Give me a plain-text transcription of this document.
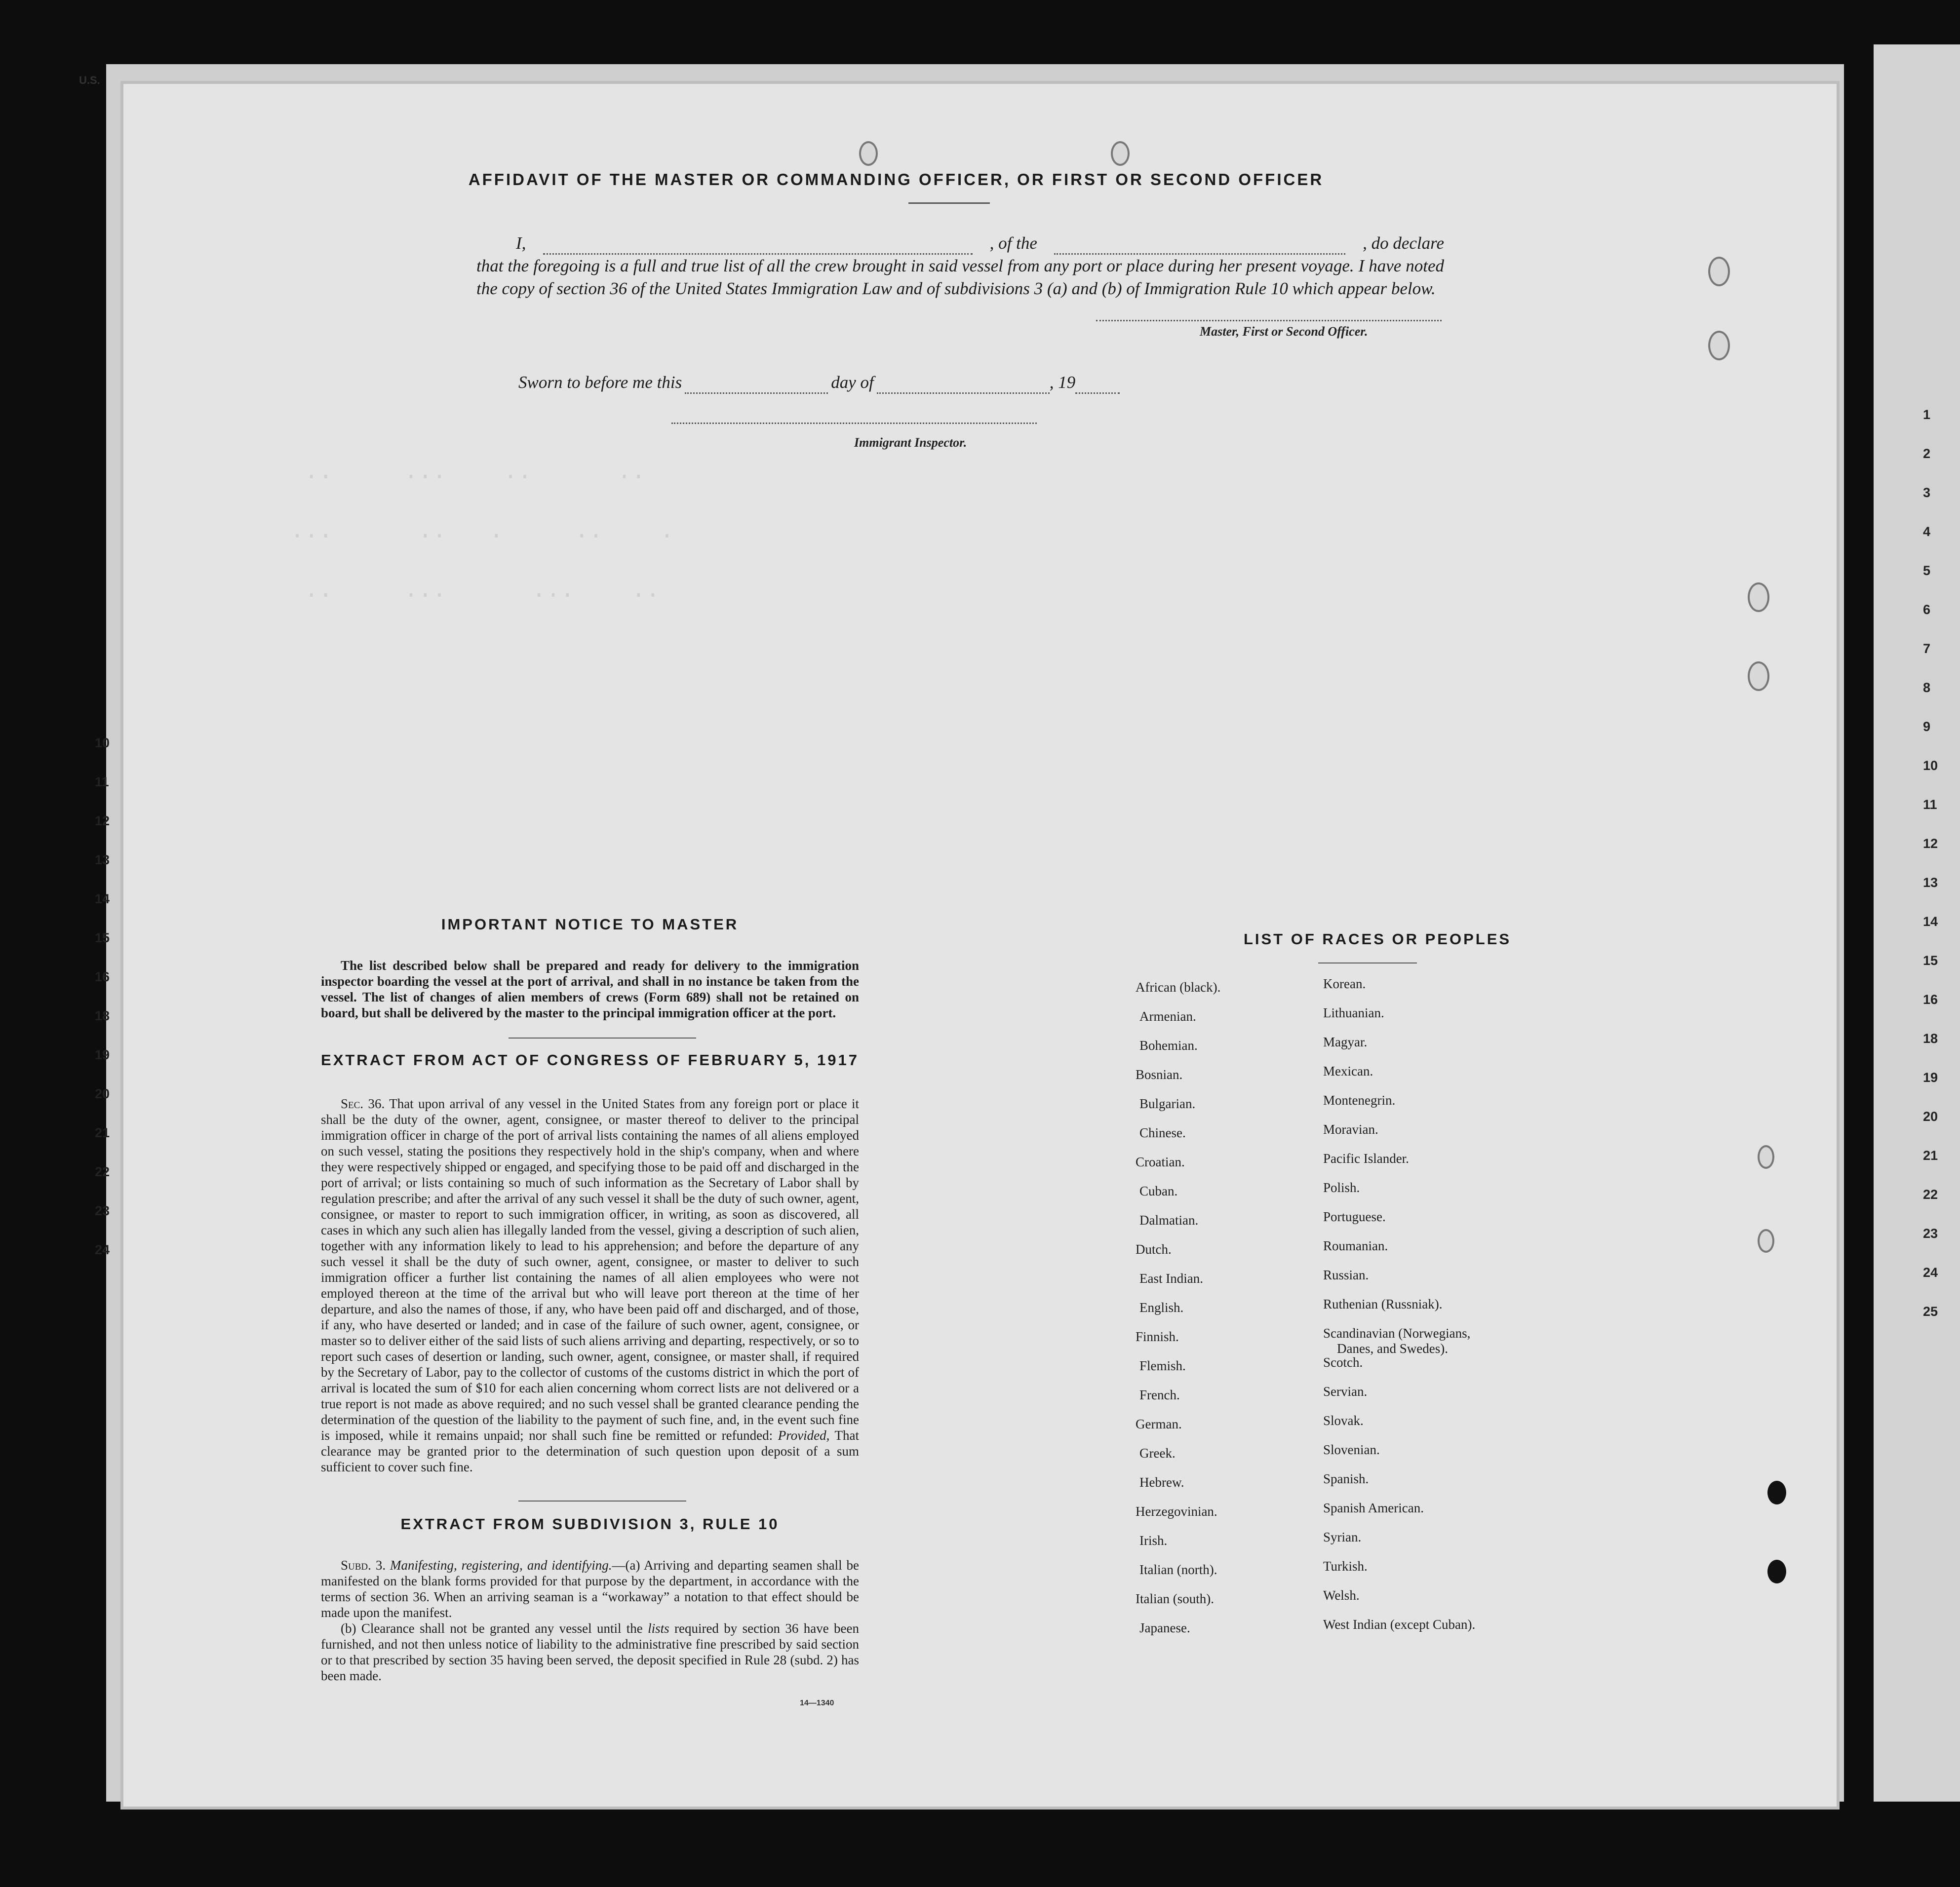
U.S.
..     ...    ..      ..
...      ..   .     ..    .
..     ...      ...    ..
AFFIDAVIT OF THE MASTER OR COMMANDING OFFICER, OR FIRST OR SECOND OFFICER
I,	, of the	, do declare
that the foregoing is a full and true list of all the crew brought in said vessel from any port or place during her present voyage. I have noted the copy of section 36 of the United States Immigration Law and of subdivisions 3 (a) and (b) of Immigration Rule 10 which appear below.
Master, First or Second Officer.
Sworn to before me this	day of	, 19
Immigrant Inspector.
IMPORTANT NOTICE TO MASTER
The list described below shall be prepared and ready for delivery to the immigration inspector boarding the vessel at the port of arrival, and shall in no instance be taken from the vessel. The list of changes of alien members of crews (Form 689) shall not be retained on board, but shall be delivered by the master to the principal immigration officer at the port.
EXTRACT FROM ACT OF CONGRESS OF FEBRUARY 5, 1917
Sec. 36. That upon arrival of any vessel in the United States from any foreign port or place it shall be the duty of the owner, agent, consignee, or master thereof to deliver to the principal immigration officer in charge of the port of arrival lists containing the names of all aliens employed on such vessel, stating the positions they respectively hold in the ship's company, when and where they were respectively shipped or engaged, and specifying those to be paid off and discharged in the port of arrival; or lists containing so much of such information as the Secretary of Labor shall by regulation prescribe; and after the arrival of any such vessel it shall be the duty of such owner, agent, consignee, or master to report to such immigration officer, in writing, as soon as discovered, all cases in which any such alien has illegally landed from the vessel, giving a description of such alien, together with any information likely to lead to his apprehension; and before the departure of any such vessel it shall be the duty of such owner, agent, consignee, or master to deliver to such immigration officer a further list containing the names of all alien employees who were not employed thereon at the time of the arrival but who will leave port thereon at the time of her departure, and also the names of those, if any, who have been paid off and discharged, and of those, if any, who have deserted or landed; and in case of the failure of such owner, agent, consignee, or master so to deliver either of the said lists of such aliens arriving and departing, respectively, or so to report such cases of desertion or landing, such owner, agent, consignee, or master shall, if required by the Secretary of Labor, pay to the collector of customs of the customs district in which the port of arrival is located the sum of $10 for each alien concerning whom correct lists are not delivered or a true report is not made as above required; and no such vessel shall be granted clearance pending the determination of the question of the liability to the payment of such fine, and, in the event such fine is imposed, while it remains unpaid; nor shall such fine be remitted or refunded: Provided, That clearance may be granted prior to the determination of such question upon deposit of a sum sufficient to cover such fine.
EXTRACT FROM SUBDIVISION 3, RULE 10
Subd. 3. Manifesting, registering, and identifying.—(a) Arriving and departing seamen shall be manifested on the blank forms provided for that purpose by the department, in accordance with the terms of section 36. When an arriving seaman is a “workaway” a notation to that effect should be made upon the manifest.
(b) Clearance shall not be granted any vessel until the lists required by section 36 have been furnished, and not then unless notice of liability to the administrative fine prescribed by said section or to that prescribed by section 35 having been served, the deposit specified in Rule 28 (subd. 2) has been made.
14—1340
LIST OF RACES OR PEOPLES
African (black).
Armenian.
Bohemian.
Bosnian.
Bulgarian.
Chinese.
Croatian.
Cuban.
Dalmatian.
Dutch.
East Indian.
English.
Finnish.
Flemish.
French.
German.
Greek.
Hebrew.
Herzegovinian.
Irish.
Italian (north).
Italian (south).
Japanese.
Korean.
Lithuanian.
Magyar.
Mexican.
Montenegrin.
Moravian.
Pacific Islander.
Polish.
Portuguese.
Roumanian.
Russian.
Ruthenian (Russniak).
Scandinavian (Norwegians,
Danes, and Swedes).
Scotch.
Servian.
Slovak.
Slovenian.
Spanish.
Spanish American.
Syrian.
Turkish.
Welsh.
West Indian (except Cuban).
10
11
12
13
14
15
16
18
19
20
21
22
23
24
1
2
3
4
5
6
7
8
9
10
11
12
13
14
15
16
18
19
20
21
22
23
24
25
